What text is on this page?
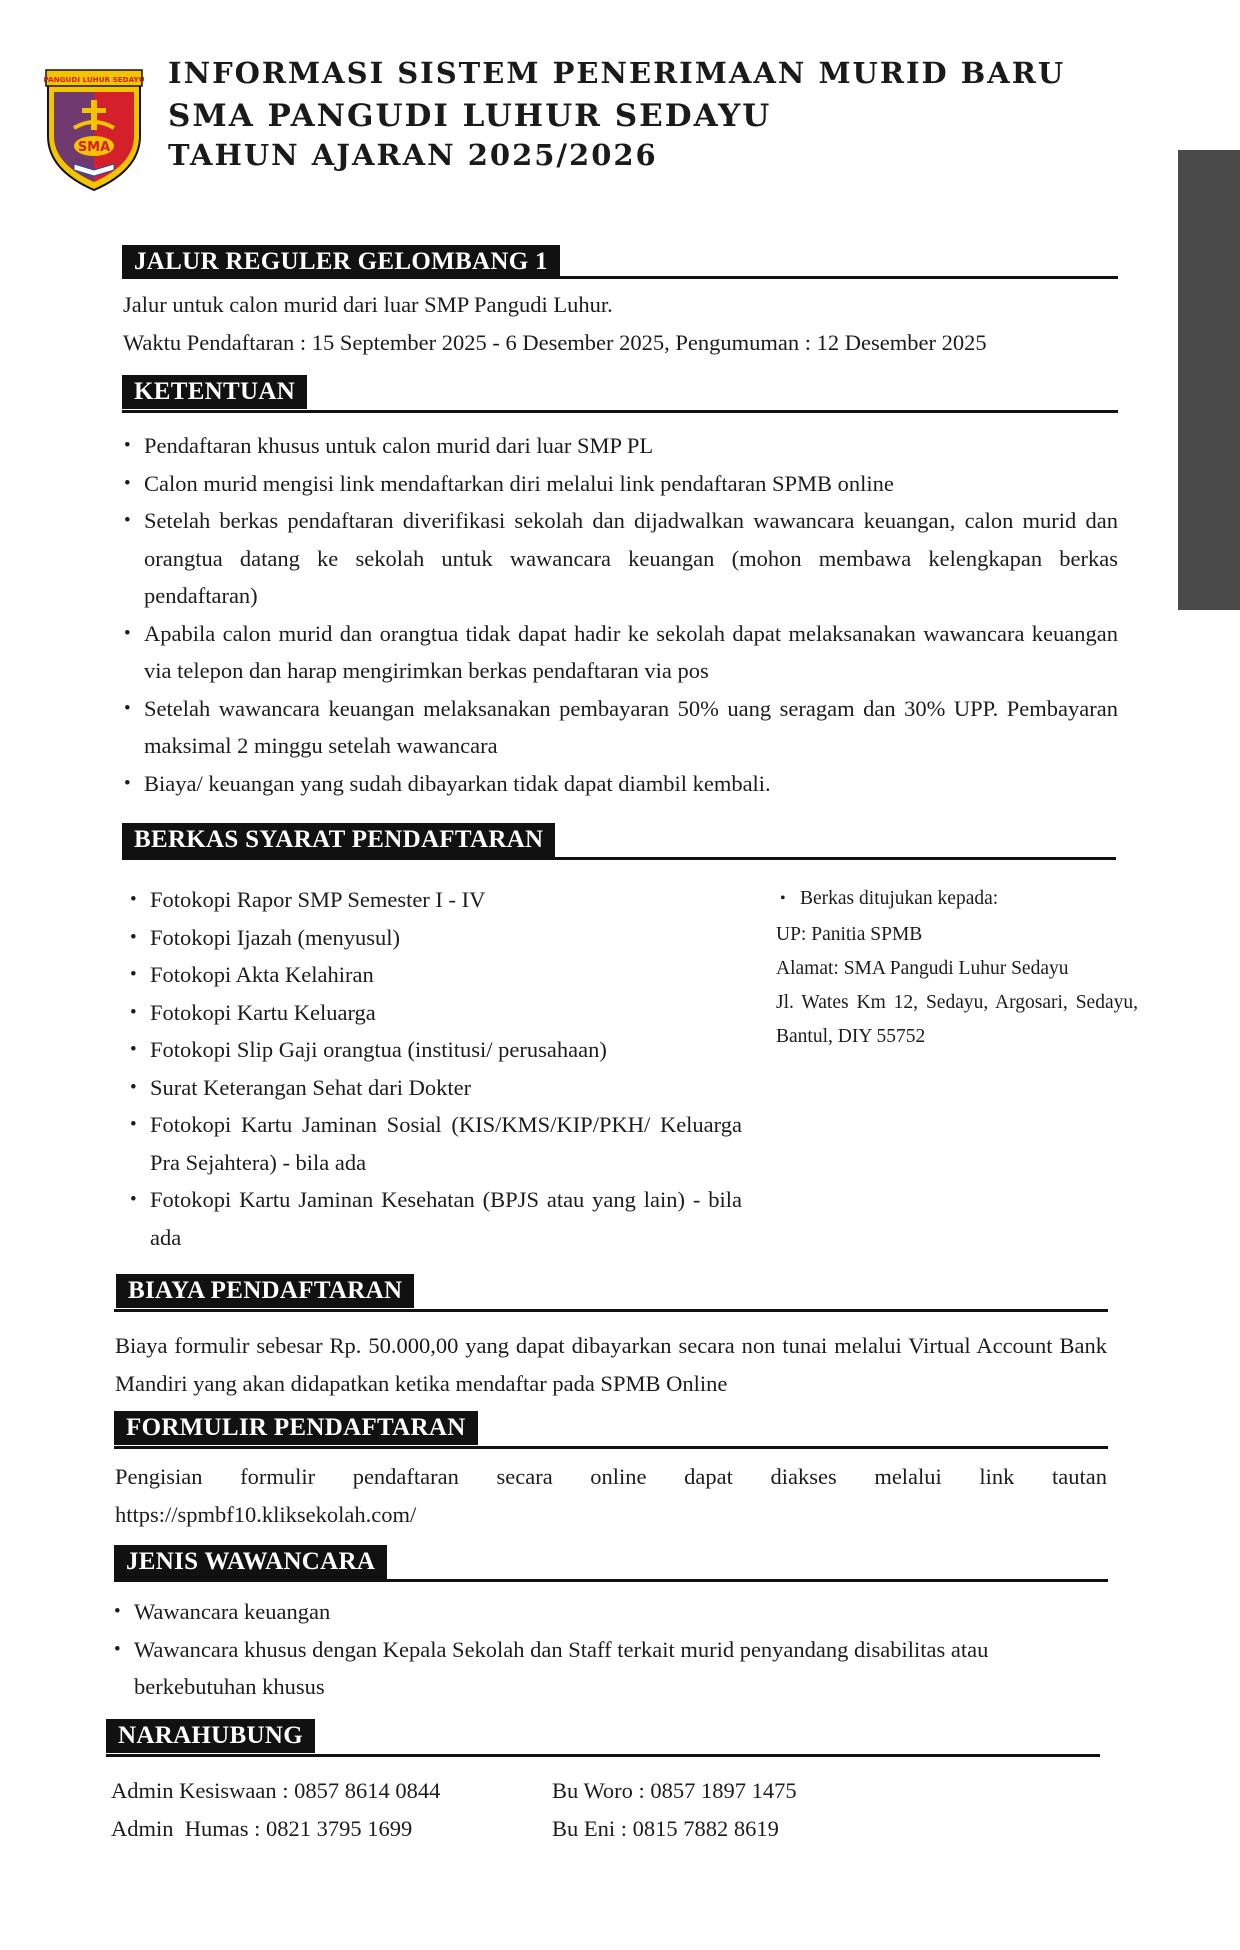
PANGUDI LUHUR SEDAYU
SMA
INFORMASI SISTEM PENERIMAAN MURID BARU
SMA PANGUDI LUHUR SEDAYU
TAHUN AJARAN 2025/2026
JALUR REGULER GELOMBANG 1

Jalur untuk calon murid dari luar SMP Pangudi Luhur.

Waktu Pendaftaran : 15 September 2025 - 6 Desember 2025, Pengumuman : 12 Desember 2025

KETENTUAN
• Pendaftaran khusus untuk calon murid dari luar SMP PL
• Calon murid mengisi link mendaftarkan diri melalui link pendaftaran SPMB online
• Setelah berkas pendaftaran diverifikasi sekolah dan dijadwalkan wawancara keuangan, calon murid dan orangtua datang ke sekolah untuk wawancara keuangan (mohon membawa kelengkapan berkas pendaftaran)
• Apabila calon murid dan orangtua tidak dapat hadir ke sekolah dapat melaksanakan wawancara keuangan via telepon dan harap mengirimkan berkas pendaftaran via pos
• Setelah wawancara keuangan melaksanakan pembayaran 50% uang seragam dan 30% UPP. Pembayaran maksimal 2 minggu setelah wawancara
• Biaya/ keuangan yang sudah dibayarkan tidak dapat diambil kembali.
BERKAS SYARAT PENDAFTARAN
• Fotokopi Rapor SMP Semester I - IV
• Fotokopi Ijazah (menyusul)
• Fotokopi Akta Kelahiran
• Fotokopi Kartu Keluarga
• Fotokopi Slip Gaji orangtua (institusi/ perusahaan)
• Surat Keterangan Sehat dari Dokter
• Fotokopi Kartu Jaminan Sosial (KIS/KMS/KIP/PKH/ Keluarga Pra Sejahtera) - bila ada
• Fotokopi Kartu Jaminan Kesehatan (BPJS atau yang lain) - bila ada
• Berkas ditujukan kepada:
UP: Panitia SPMB
Alamat: SMA Pangudi Luhur Sedayu
Jl. Wates Km 12, Sedayu, Argosari, Sedayu, Bantul, DIY 55752
BIAYA PENDAFTARAN

Biaya formulir sebesar Rp. 50.000,00 yang dapat dibayarkan secara non tunai melalui Virtual Account Bank Mandiri yang akan didapatkan ketika mendaftar pada SPMB Online

FORMULIR PENDAFTARAN
Pengisian formulir pendaftaran secara online dapat diakses melalui link tautan
https://spmbf10.kliksekolah.com/
JENIS WAWANCARA
• Wawancara keuangan
• Wawancara khusus dengan Kepala Sekolah dan Staff terkait murid penyandang disabilitas atau berkebutuhan khusus
NARAHUBUNG

Admin Kesiswaan : 0857 8614 0844	Bu Woro : 0857 1897 1475

Admin  Humas : 0821 3795 1699	Bu Eni : 0815 7882 8619
